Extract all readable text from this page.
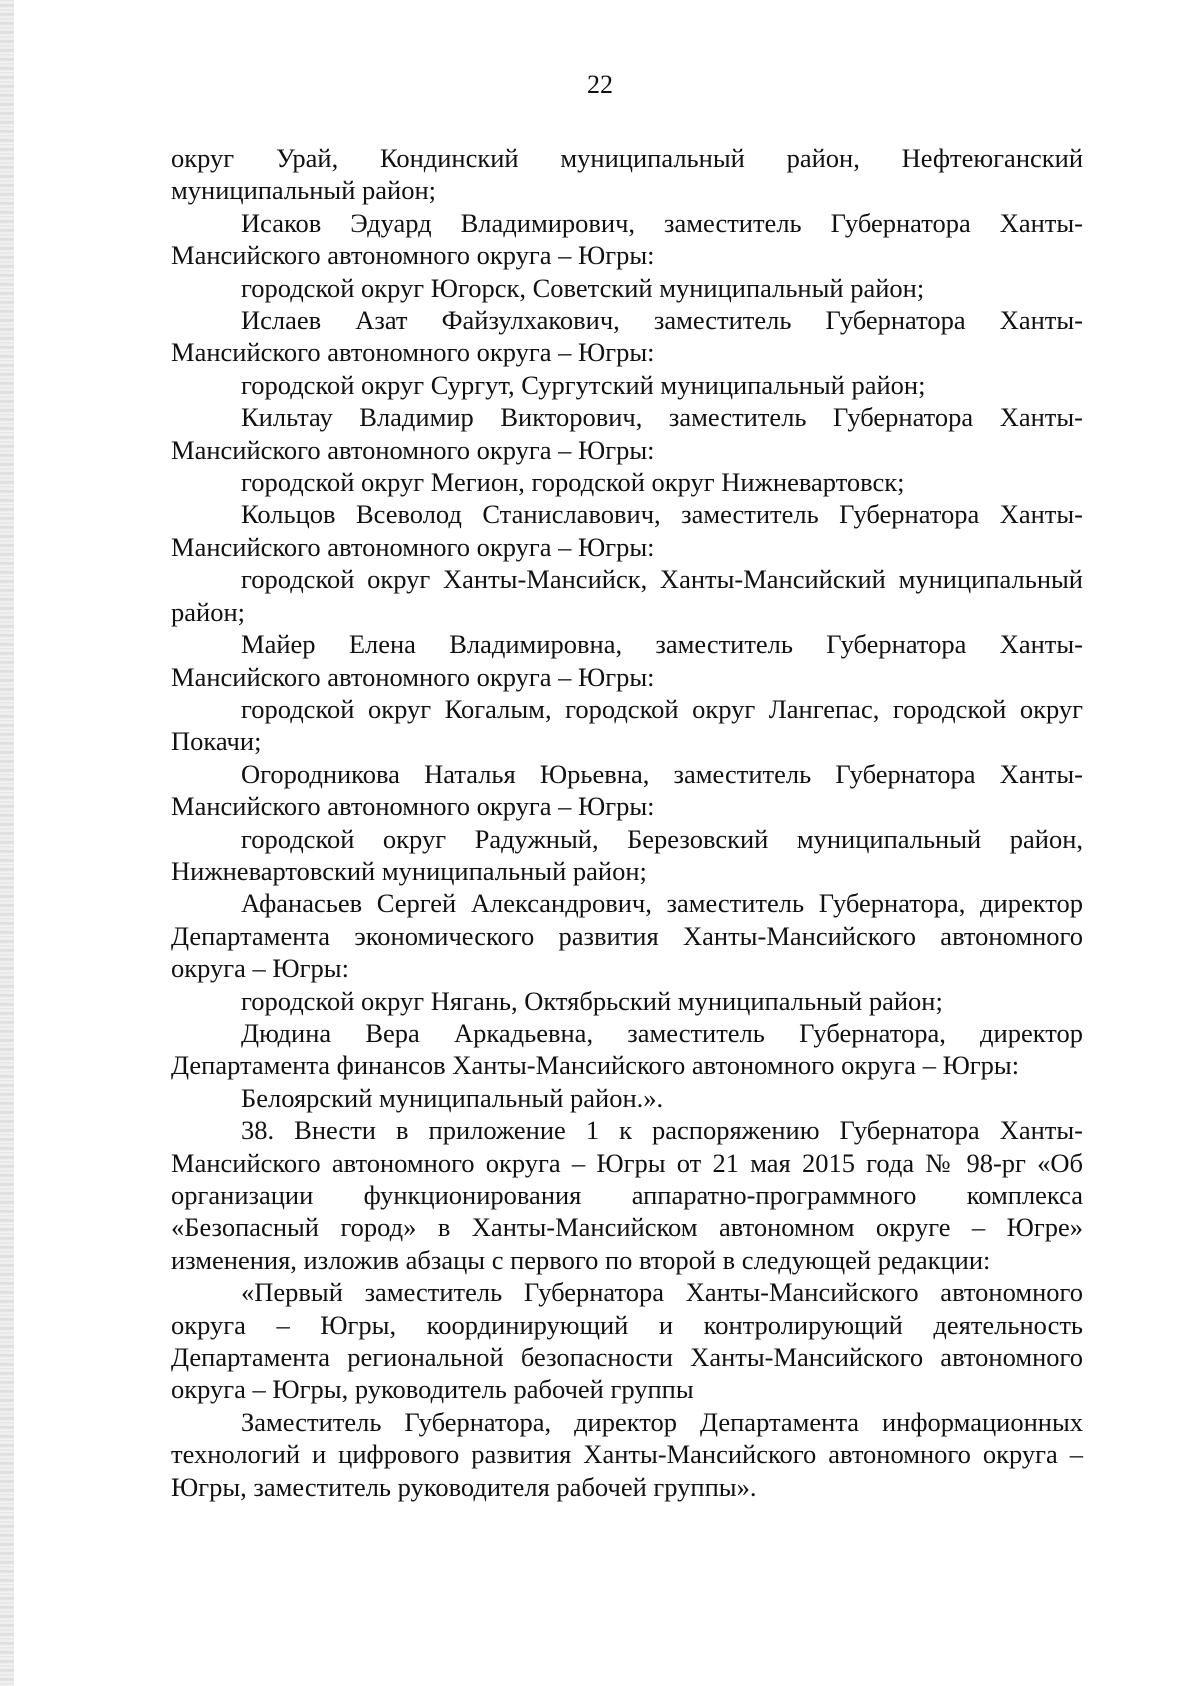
22

округ Урай, Кондинский муниципальный район, Нефтеюганский муниципальный район;

Исаков Эдуард Владимирович, заместитель Губернатора Ханты-Мансийского автономного округа – Югры:

городской округ Югорск, Советский муниципальный район;

Ислаев Азат Файзулхакович, заместитель Губернатора Ханты-Мансийского автономного округа – Югры:

городской округ Сургут, Сургутский муниципальный район;

Кильтау Владимир Викторович, заместитель Губернатора Ханты-Мансийского автономного округа – Югры:

городской округ Мегион, городской округ Нижневартовск;

Кольцов Всеволод Станиславович, заместитель Губернатора Ханты-Мансийского автономного округа – Югры:

городской округ Ханты-Мансийск, Ханты-Мансийский муниципальный район;

Майер Елена Владимировна, заместитель Губернатора Ханты-Мансийского автономного округа – Югры:

городской округ Когалым, городской округ Лангепас, городской округ Покачи;

Огородникова Наталья Юрьевна, заместитель Губернатора Ханты-Мансийского автономного округа – Югры:

городской округ Радужный, Березовский муниципальный район, Нижневартовский муниципальный район;

Афанасьев Сергей Александрович, заместитель Губернатора, директор Департамента экономического развития Ханты-Мансийского автономного округа – Югры:

городской округ Нягань, Октябрьский муниципальный район;

Дюдина Вера Аркадьевна, заместитель Губернатора, директор Департамента финансов Ханты-Мансийского автономного округа – Югры:

Белоярский муниципальный район.».

38. Внести в приложение 1 к распоряжению Губернатора Ханты-Мансийского автономного округа – Югры от 21 мая 2015 года № 98-рг «Об организации функционирования аппаратно-программного комплекса «Безопасный город» в Ханты-Мансийском автономном округе – Югре» изменения, изложив абзацы с первого по второй в следующей редакции:

«Первый заместитель Губернатора Ханты-Мансийского автономного округа – Югры, координирующий и контролирующий деятельность Департамента региональной безопасности Ханты-Мансийского автономного округа – Югры, руководитель рабочей группы

Заместитель Губернатора, директор Департамента информационных технологий и цифрового развития Ханты-Мансийского автономного округа – Югры, заместитель руководителя рабочей группы».
